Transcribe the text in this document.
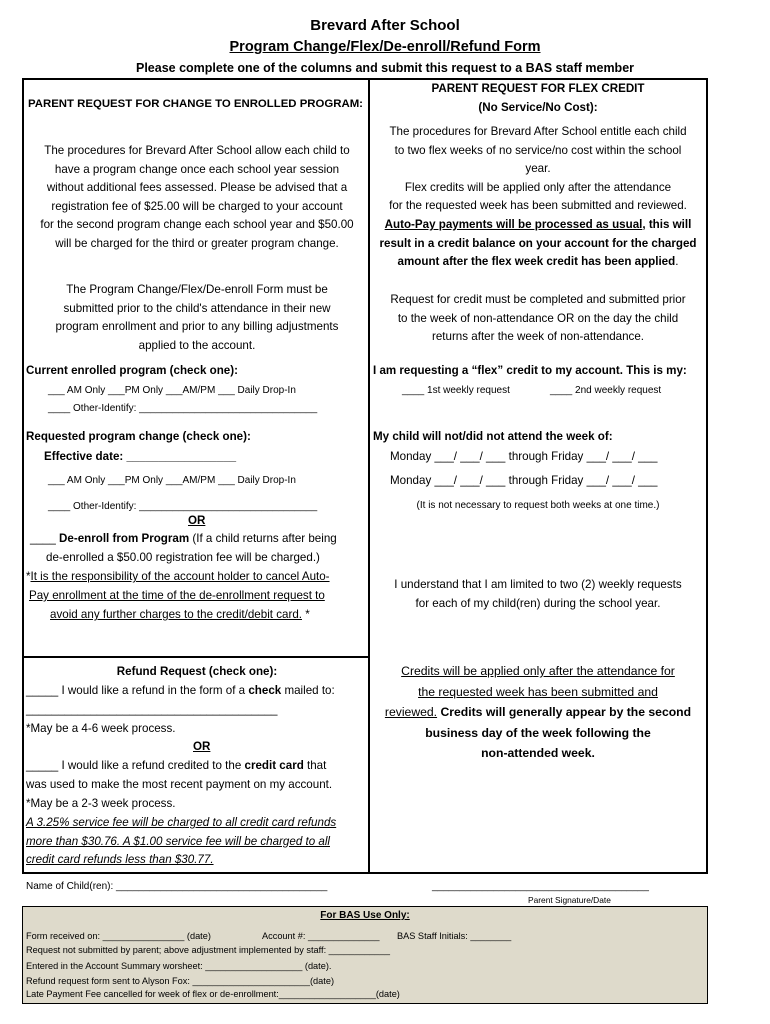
Brevard After School
Program Change/Flex/De-enroll/Refund Form
Please complete one of the columns and submit this request to a BAS staff member
PARENT REQUEST FOR CHANGE TO ENROLLED PROGRAM:
The procedures for Brevard After School allow each child to
have a program change once each school year session
without additional fees assessed. Please be advised that a
registration fee of $25.00 will be charged to your account
for the second program change each school year and $50.00
will be charged for the third or greater program change.
The Program Change/Flex/De-enroll Form must be
submitted prior to the child's attendance in their new
program enrollment and prior to any billing adjustments
applied to the account.
Current enrolled program (check one):
___ AM Only ___PM Only ___AM/PM ___ Daily Drop-In
____ Other-Identify: ________________________________
Requested program change (check one):
Effective date: _________________
___ AM Only ___PM Only ___AM/PM ___ Daily Drop-In
____ Other-Identify: ________________________________
OR
____ De-enroll from Program (If a child returns after being
de-enrolled a $50.00 registration fee will be charged.)
*It is the responsibility of the account holder to cancel Auto-
Pay enrollment at the time of the de-enrollment request to
avoid any further charges to the credit/debit card. *
Refund Request (check one):
_____ I would like a refund in the form of a check mailed to:
_______________________________________
*May be a 4-6 week process.
OR
_____ I would like a refund credited to the credit card that
was used to make the most recent payment on my account.
*May be a 2-3 week process.
A 3.25% service fee will be charged to all credit card refunds
more than $30.76. A $1.00 service fee will be charged to all
credit card refunds less than $30.77.
PARENT REQUEST FOR FLEX CREDIT
(No Service/No Cost):
The procedures for Brevard After School entitle each child
to two flex weeks of no service/no cost within the school
year.
Flex credits will be applied only after the attendance
for the requested week has been submitted and reviewed.
Auto-Pay payments will be processed as usual, this will
result in a credit balance on your account for the charged
amount after the flex week credit has been applied.
Request for credit must be completed and submitted prior
to the week of non-attendance OR on the day the child
returns after the week of non-attendance.
I am requesting a “flex” credit to my account. This is my:
____ 1st weekly request	____ 2nd weekly request
My child will not/did not attend the week of:
Monday ___/ ___/ ___ through Friday ___/ ___/ ___
Monday ___/ ___/ ___ through Friday ___/ ___/ ___
(It is not necessary to request both weeks at one time.)
I understand that I am limited to two (2) weekly requests
for each of my child(ren) during the school year.
Credits will be applied only after the attendance for
the requested week has been submitted and
reviewed. Credits will generally appear by the second
business day of the week following the
non-attended week.
Name of Child(ren): ______________________________________	_______________________________________
Parent Signature/Date
For BAS Use Only:
Form received on: ________________ (date)	Account #: ______________ BAS Staff Initials: ________
Request not submitted by parent; above adjustment implemented by staff: ____________
Entered in the Account Summary worsheet: ___________________ (date).
Refund request form sent to Alyson Fox: _______________________(date)
Late Payment Fee cancelled for week of flex or de-enrollment:___________________(date)
